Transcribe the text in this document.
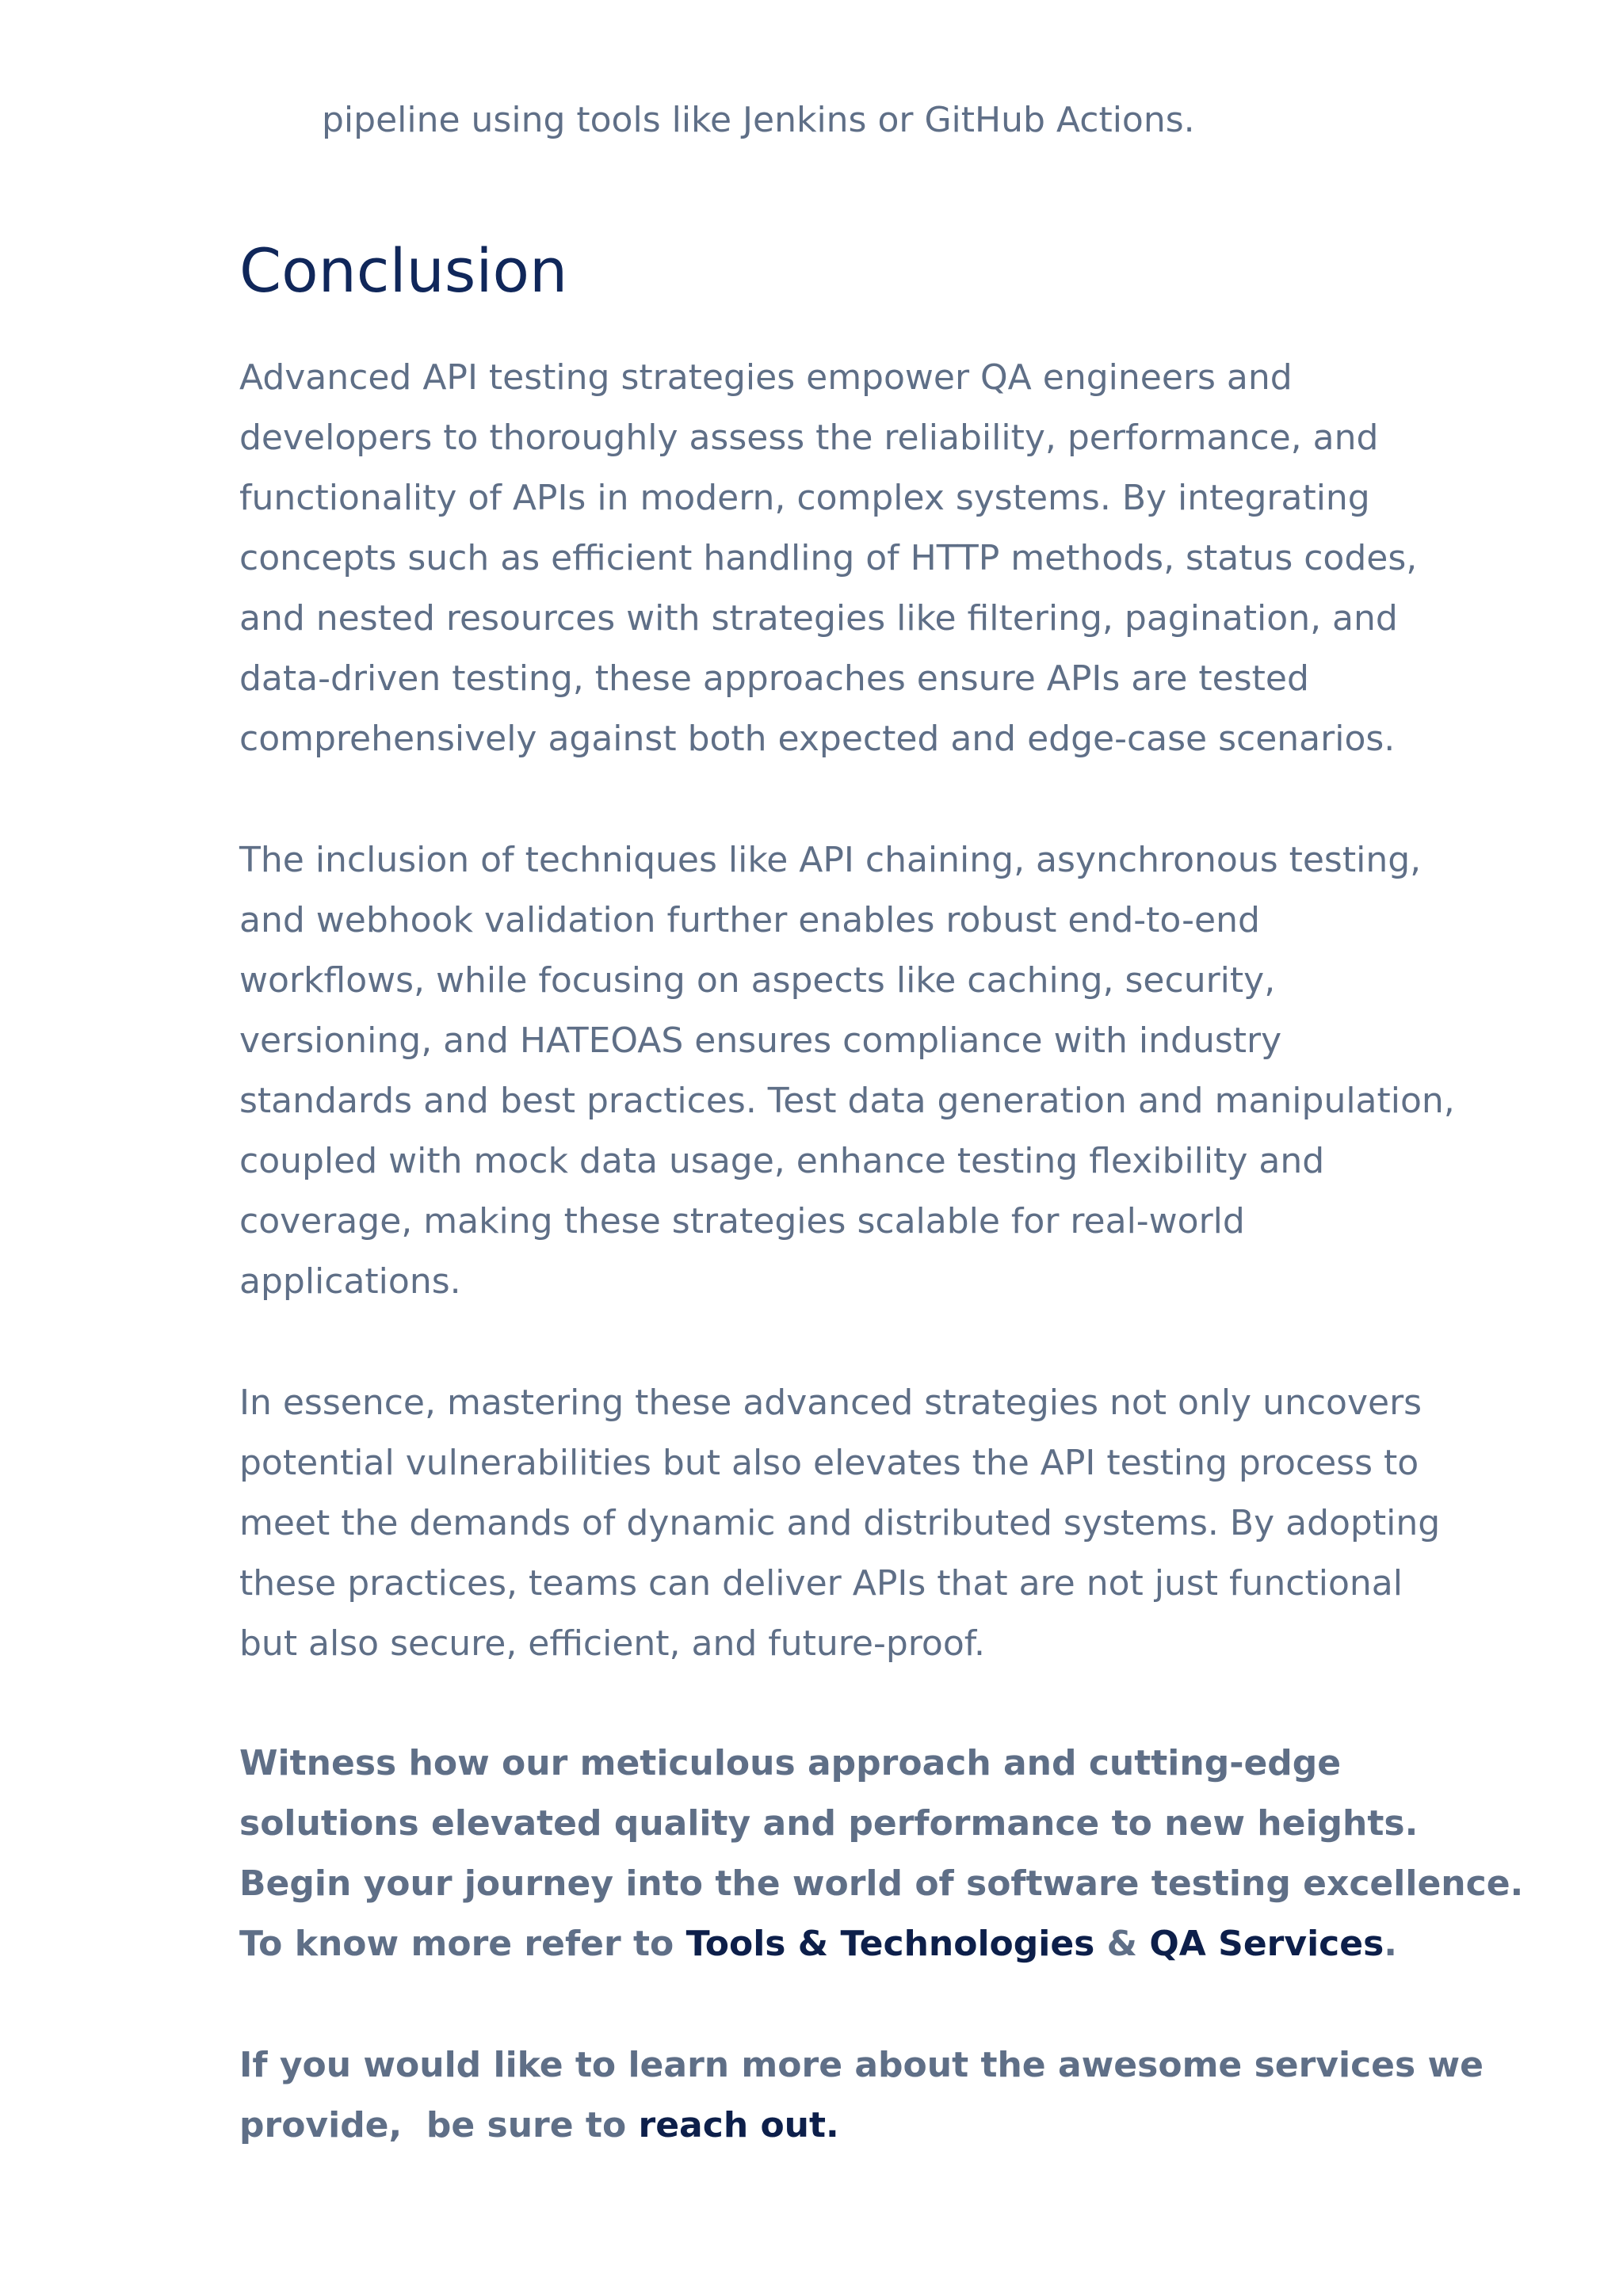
pipeline using tools like Jenkins or GitHub Actions.
Conclusion

Advanced API testing strategies empower QA engineers and
developers to thoroughly assess the reliability, performance, and
functionality of APIs in modern, complex systems. By integrating
concepts such as efficient handling of HTTP methods, status codes,
and nested resources with strategies like filtering, pagination, and
data-driven testing, these approaches ensure APIs are tested
comprehensively against both expected and edge-case scenarios.

The inclusion of techniques like API chaining, asynchronous testing,
and webhook validation further enables robust end-to-end
workflows, while focusing on aspects like caching, security,
versioning, and HATEOAS ensures compliance with industry
standards and best practices. Test data generation and manipulation,
coupled with mock data usage, enhance testing flexibility and
coverage, making these strategies scalable for real-world
applications.

In essence, mastering these advanced strategies not only uncovers
potential vulnerabilities but also elevates the API testing process to
meet the demands of dynamic and distributed systems. By adopting
these practices, teams can deliver APIs that are not just functional
but also secure, efficient, and future-proof.

Witness how our meticulous approach and cutting-edge
solutions elevated quality and performance to new heights.
Begin your journey into the world of software testing excellence.
To know more refer to Tools & Technologies & QA Services.

If you would like to learn more about the awesome services we
provide,  be sure to reach out.
